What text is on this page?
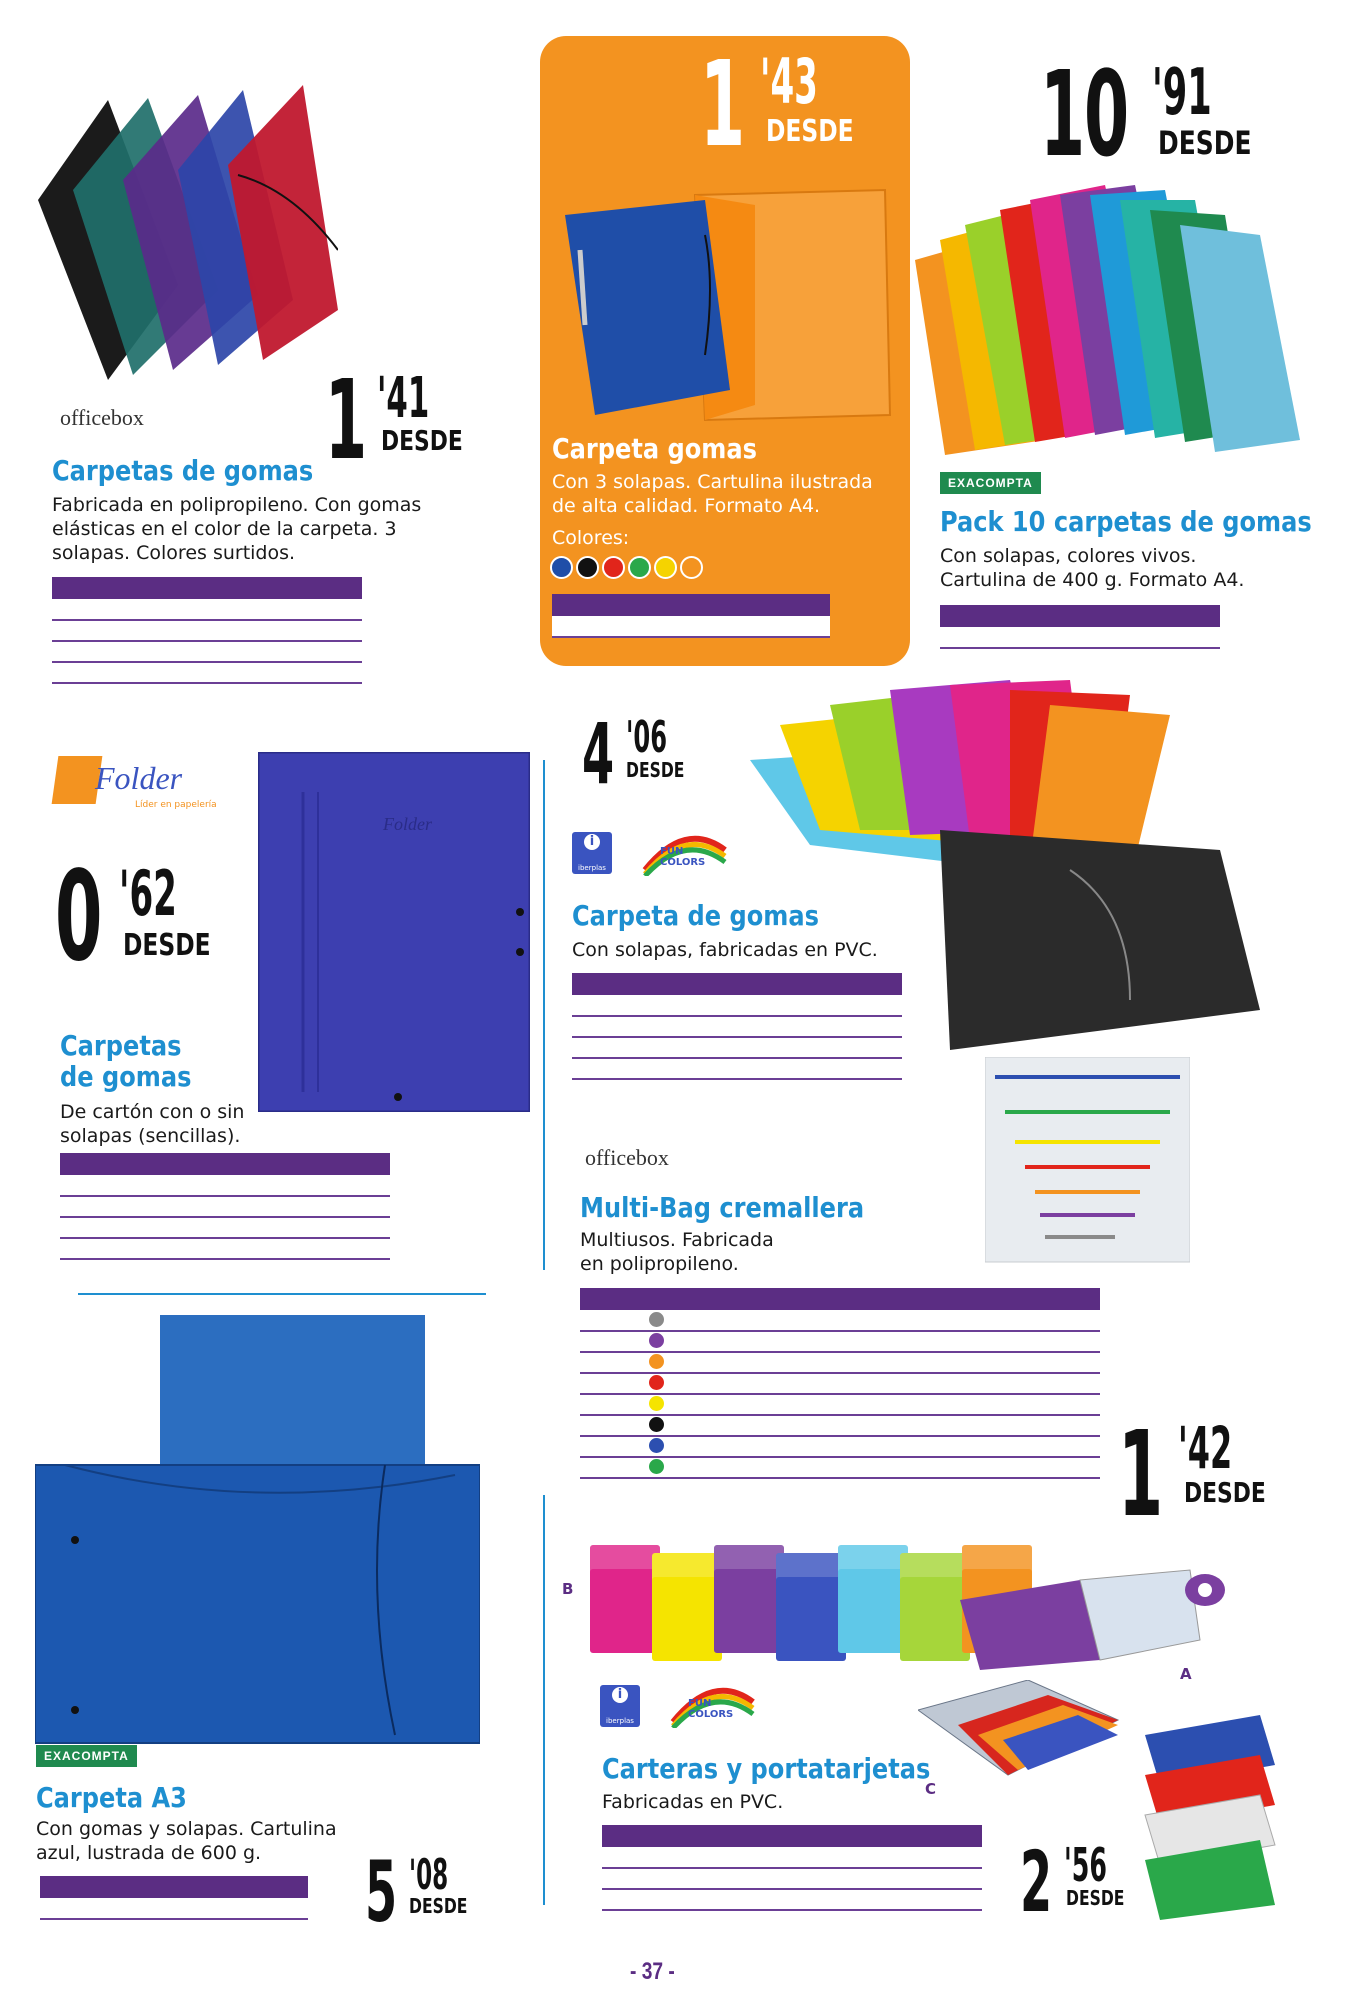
officebox 1 '41
DESDE
Carpetas de gomas
Fabricada en polipropileno. Con gomas elásticas en el color de la carpeta. 3 solapas. Colores surtidos.

1 '43
DESDE
Carpeta gomas
Con 3 solapas. Cartulina ilustrada de alta calidad. Formato A4.
Colores:

10 '91
DESDE
EXACOMPTA
Pack 10 carpetas de gomas
Con solapas, colores vivos. Cartulina de 400 g. Formato A4.

Folder
Líder en papelería
0 '62
DESDE
Folder
Carpetas
de gomas
De cartón con o sin solapas (sencillas).

4 '06
DESDE
i
iberplas
FUN COLORS
Carpeta de gomas
Con solapas, fabricadas en PVC.

officebox
Multi-Bag cremallera
Multiusos. Fabricada en polipropileno.

1 '42
DESDE
EXACOMPTA
Carpeta A3
Con gomas y solapas. Cartulina azul, lustrada de 600 g.

				5 '08
DESDE
B
A
i
iberplas
FUN COLORS
C
Carteras y portatarjetas
Fabricadas en PVC.

2 '56
DESDE
- 37 -
